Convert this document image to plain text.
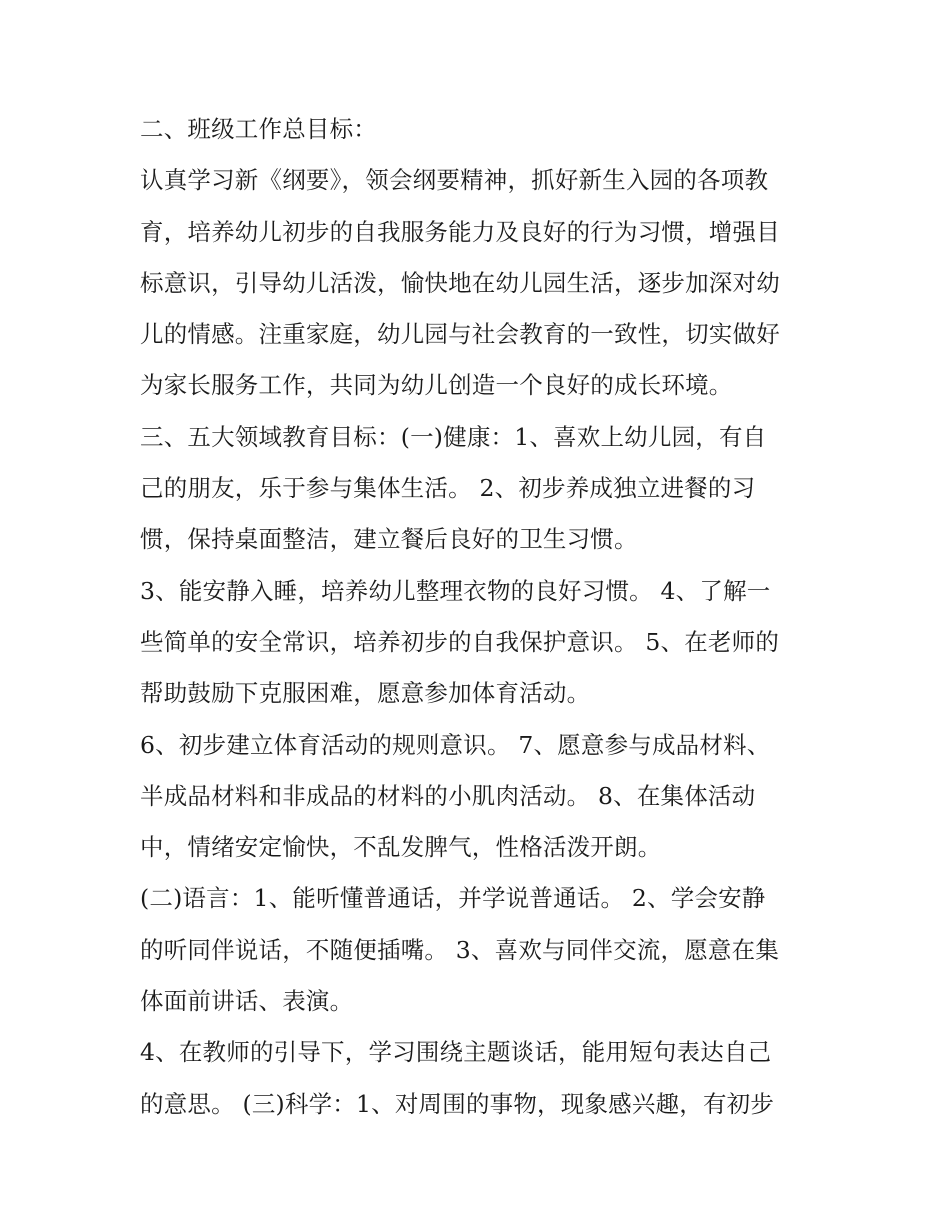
二、班级工作总目标：
认真学习新《纲要》，领会纲要精神，抓好新生入园的各项教
育，培养幼儿初步的自我服务能力及良好的行为习惯，增强目
标意识，引导幼儿活泼，愉快地在幼儿园生活，逐步加深对幼
儿的情感。注重家庭，幼儿园与社会教育的一致性，切实做好
为家长服务工作，共同为幼儿创造一个良好的成长环境。
三、五大领域教育目标：(一)健康：1、喜欢上幼儿园，有自
己的朋友，乐于参与集体生活。 2、初步养成独立进餐的习
惯，保持桌面整洁，建立餐后良好的卫生习惯。
3、能安静入睡，培养幼儿整理衣物的良好习惯。 4、了解一
些简单的安全常识，培养初步的自我保护意识。 5、在老师的
帮助鼓励下克服困难，愿意参加体育活动。
6、初步建立体育活动的规则意识。 7、愿意参与成品材料、
半成品材料和非成品的材料的小肌肉活动。 8、在集体活动
中，情绪安定愉快，不乱发脾气，性格活泼开朗。
(二)语言：1、能听懂普通话，并学说普通话。 2、学会安静
的听同伴说话，不随便插嘴。 3、喜欢与同伴交流，愿意在集
体面前讲话、表演。
4、在教师的引导下，学习围绕主题谈话，能用短句表达自己
的意思。 (三)科学：1、对周围的事物，现象感兴趣，有初步
